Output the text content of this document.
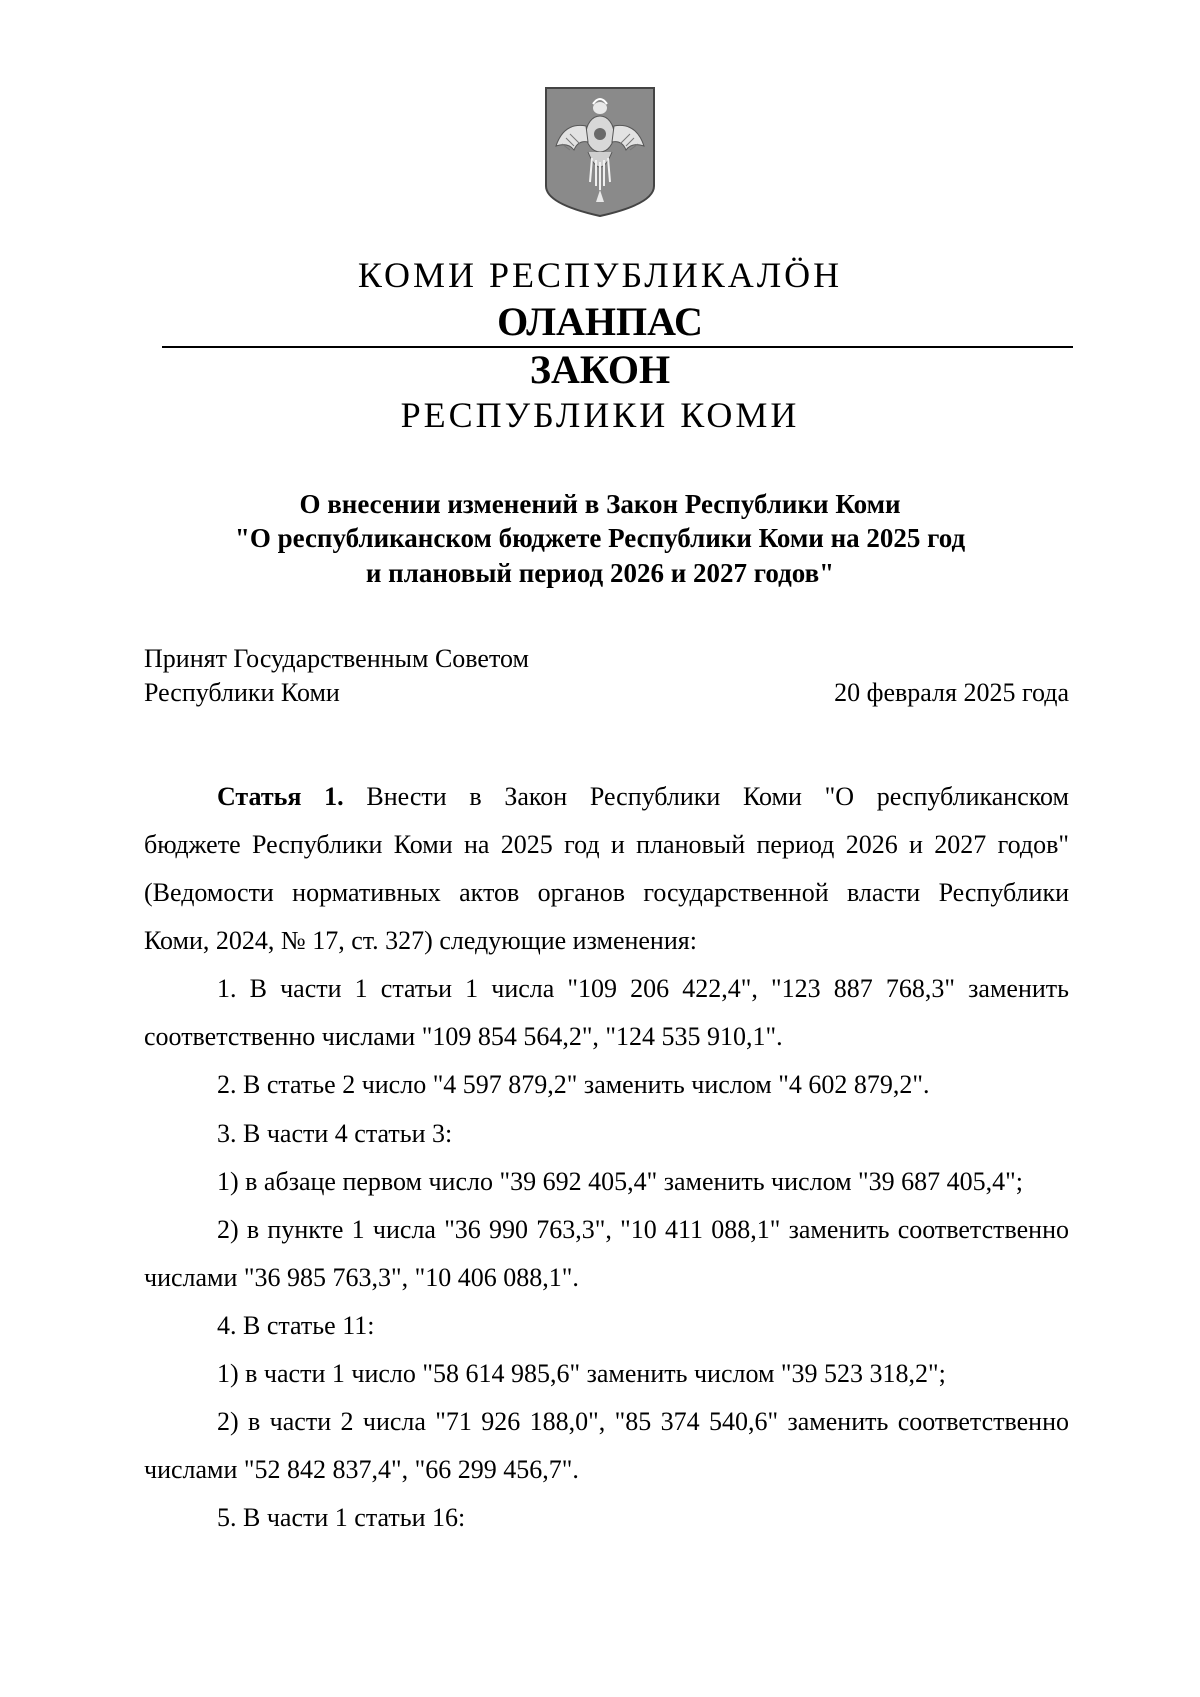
КОМИ РЕСПУБЛИКАЛӦН
ОЛАНПАС
ЗАКОН
РЕСПУБЛИКИ КОМИ
О внесении изменений в Закон Республики Коми
"О республиканском бюджете Республики Коми на 2025 год
и плановый период 2026 и 2027 годов"
Принят Государственным Советом
Республики Коми	20 февраля 2025 года
Статья 1. Внести в Закон Республики Коми "О республиканском
бюджете Республики Коми на 2025 год и плановый период 2026 и 2027 годов"
(Ведомости нормативных актов органов государственной власти Республики
Коми, 2024, № 17, ст. 327) следующие изменения:
1. В части 1 статьи 1 числа "109 206 422,4", "123 887 768,3" заменить
соответственно числами "109 854 564,2", "124 535 910,1".
2. В статье 2 число "4 597 879,2" заменить числом "4 602 879,2".
3. В части 4 статьи 3:
1) в абзаце первом число "39 692 405,4" заменить числом "39 687 405,4";
2) в пункте 1 числа "36 990 763,3", "10 411 088,1" заменить соответственно
числами "36 985 763,3", "10 406 088,1".
4. В статье 11:
1) в части 1 число "58 614 985,6" заменить числом "39 523 318,2";
2) в части 2 числа "71 926 188,0", "85 374 540,6" заменить соответственно
числами "52 842 837,4", "66 299 456,7".
5. В части 1 статьи 16:
